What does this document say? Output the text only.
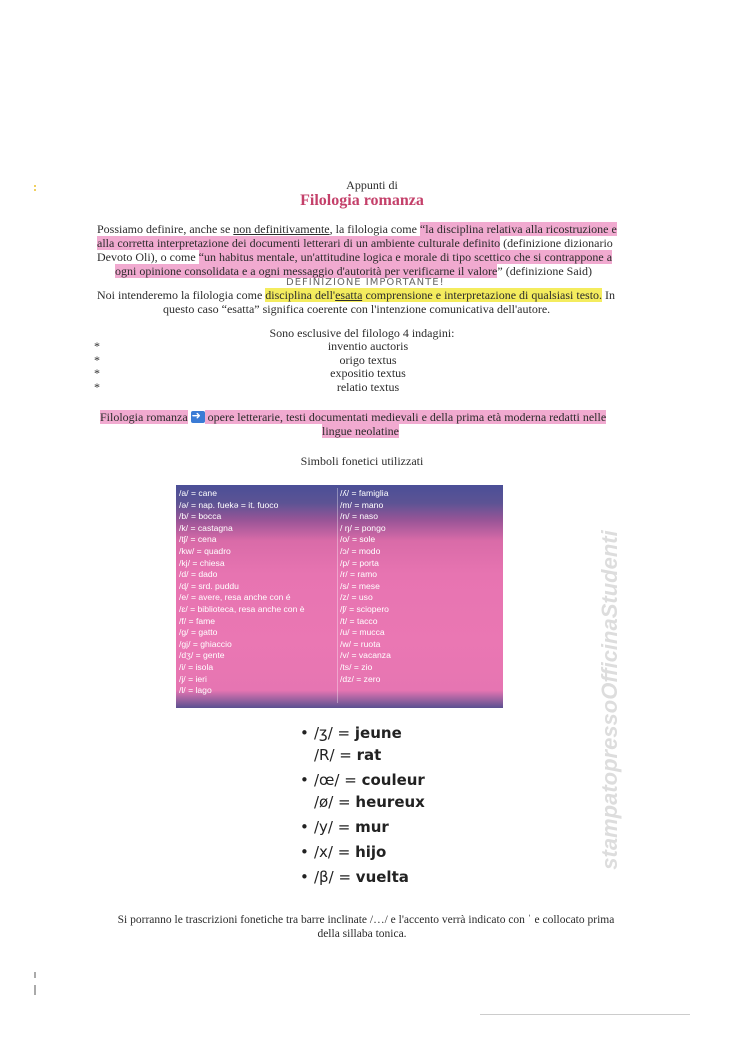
Appunti di
Filologia romanza
Possiamo definire, anche se non definitivamente, la filologia come “la disciplina relativa alla ricostruzione e
alla corretta interpretazione dei documenti letterari di un ambiente culturale definito (definizione dizionario
Devoto Oli), o come “un habitus mentale, un'attitudine logica e morale di tipo scettico che si contrappone a
ogni opinione consolidata e a ogni messaggio d'autorità per verificarne il valore” (definizione Said)
DEFINIZIONE IMPORTANTE!
Noi intenderemo la filologia come disciplina dell'esatta comprensione e interpretazione di qualsiasi testo. In
questo caso “esatta” significa coerente con l'intenzione comunicativa dell'autore.
Sono esclusive del filologo 4 indagini:
*	inventio auctoris
*	origo textus
*	expositio textus
*	relatio textus
Filologia romanza ➜ opere letterarie, testi documentati medievali e della prima età moderna redatti nelle
lingue neolatine
Simboli fonetici utilizzati
/a/ = cane
/ə/ = nap. fuekə = it. fuoco
/b/ = bocca
/k/ = castagna
/tʃ/ = cena
/kw/ = quadro
/kj/ = chiesa
/d/ = dado
/ɖ/ = srd. puddu
/e/ = avere, resa anche con é
/ɛ/ = biblioteca, resa anche con è
/f/ = fame
/g/ = gatto
/gj/ = ghiaccio
/dʒ/ = gente
/i/ = isola
/j/ = ieri
/l/ = lago
/ʎ/ = famiglia
/m/ = mano
/n/ = naso
/ ŋ/ = pongo
/o/ = sole
/ɔ/ = modo
/p/ = porta
/r/ = ramo
/s/ = mese
/z/ = uso
/ʃ/ = sciopero
/t/ = tacco
/u/ = mucca
/w/ = ruota
/v/ = vacanza
/ts/ = zio
/dz/ = zero
• /ʒ/ = jeune
/R/ = rat
• /œ/ = couleur
/ø/ = heureux
• /y/ = mur
• /x/ = hijo
• /β/ = vuelta
stampatopressoOfficinaStudenti
Si porranno le trascrizioni fonetiche tra barre inclinate /…/ e l'accento verrà indicato con ˈ e collocato prima
della sillaba tonica.
